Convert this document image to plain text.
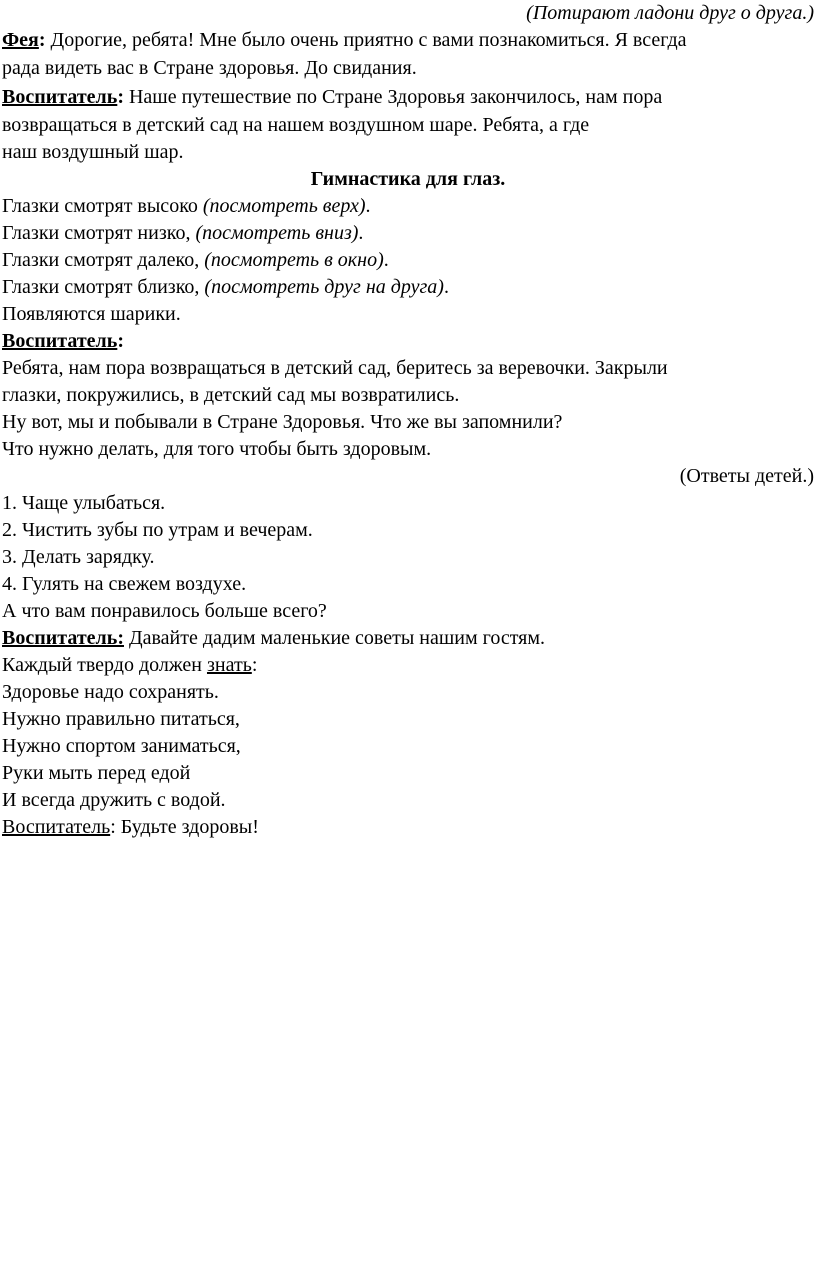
(Потирают ладони друг о друга.)
Фея: Дорогие, ребята! Мне было очень приятно с вами познакомиться. Я всегда
рада видеть вас в Стране здоровья. До свидания.
Воспитатель: Наше путешествие по Стране Здоровья закончилось, нам пора
возвращаться в детский сад на нашем воздушном шаре. Ребята, а где
наш воздушный шар.
Гимнастика для глаз.
Глазки смотрят высоко (посмотреть верх).
Глазки смотрят низко, (посмотреть вниз).
Глазки смотрят далеко, (посмотреть в окно).
Глазки смотрят близко, (посмотреть друг на друга).
Появляются шарики.
Воспитатель:
Ребята, нам пора возвращаться в детский сад, беритесь за веревочки. Закрыли
глазки, покружились, в детский сад мы возвратились.
Ну вот, мы и побывали в Стране Здоровья. Что же вы запомнили?
Что нужно делать, для того чтобы быть здоровым.
(Ответы детей.)
1. Чаще улыбаться.
2. Чистить зубы по утрам и вечерам.
3. Делать зарядку.
4. Гулять на свежем воздухе.
А что вам понравилось больше всего?
Воспитатель: Давайте дадим маленькие советы нашим гостям.
Каждый твердо должен знать:
Здоровье надо сохранять.
Нужно правильно питаться,
Нужно спортом заниматься,
Руки мыть перед едой
И всегда дружить с водой.
Воспитатель: Будьте здоровы!
